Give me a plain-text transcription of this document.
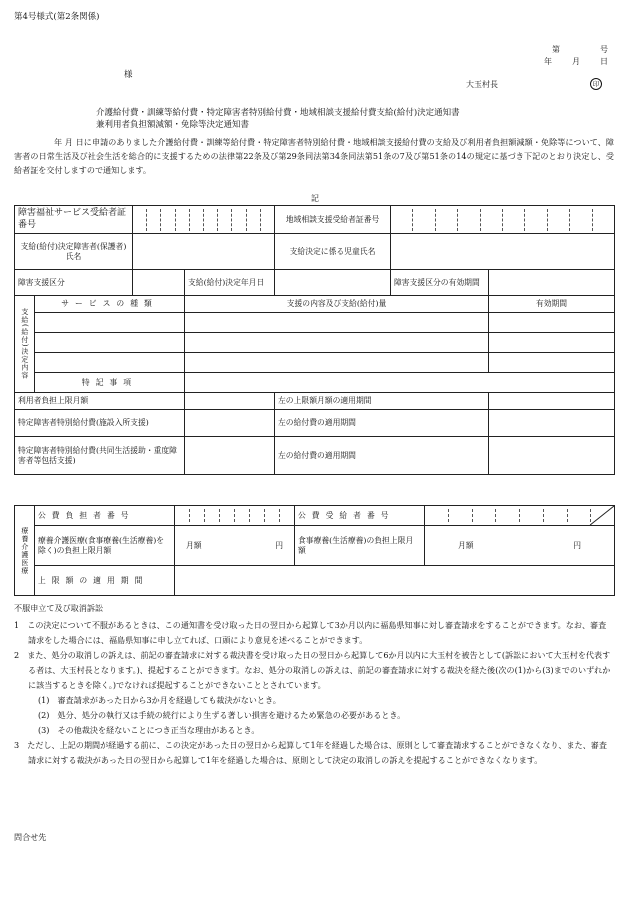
第4号様式(第2条関係)
第	号
年	月	日
様
大玉村長	印
介護給付費・訓練等給付費・特定障害者特別給付費・地域相談支援給付費支給(給付)決定通知書
兼利用者負担額減額・免除等決定通知書
年 月 日に申請のありました介護給付費・訓練等給付費・特定障害者特別給付費・地域相談支援給付費の支給及び利用者負担額減額・免除等について、障害者の日常生活及び社会生活を総合的に支援するための法律第22条及び第29条同法第34条同法第51条の7及び第51条の14の規定に基づき下記のとおり決定し、受給者証を交付しますので通知します。
記
障害福祉サービス受給者証番号				地域相談支援受給者証番号		

支給(給付)決定障害者(保護者)氏名				支給決定に係る児童氏名		
障害支援区分			支給(給付)決定年月日		障害支援区分の有効期間	
支給(給付)決定内容	サービスの種類		支援の内容及び支給(給付)量			有効期間

	特記事項					
利用者負担上限月額				左の上限額月額の適用期間		
特定障害者特別給付費(施設入所支援)				左の給付費の適用期間		
特定障害者特別給付費(共同生活援助・重度障害者等包括支援)				左の給付費の適用期間		
療養介護医療	公費負担者番号		公費受給者番号	

	療養介護医療(食事療養(生活療養)を除く)の負担上限月額	月額 円	食事療養(生活療養)の負担上限月額	月額 円

	上限額の適用期間			
不服申立て及び取消訴訟
1　この決定について不服があるときは、この通知書を受け取った日の翌日から起算して3か月以内に福島県知事に対し審査請求をすることができます。なお、審査請求をした場合には、福島県知事に申し立てれば、口頭により意見を述べることができます。
2　また、処分の取消しの訴えは、前記の審査請求に対する裁決書を受け取った日の翌日から起算して6か月以内に大玉村を被告として(訴訟において大玉村を代表する者は、大玉村長となります。)、提起することができます。なお、処分の取消しの訴えは、前記の審査請求に対する裁決を経た後(次の(1)から(3)までのいずれかに該当するときを除く。)でなければ提起することができないこととされています。
(1)　審査請求があった日から3か月を経過しても裁決がないとき。
(2)　処分、処分の執行又は手続の続行により生ずる著しい損害を避けるため緊急の必要があるとき。
(3)　その他裁決を経ないことにつき正当な理由があるとき。
3　ただし、上記の期間が経過する前に、この決定があった日の翌日から起算して1年を経過した場合は、原則として審査請求することができなくなり、また、審査請求に対する裁決があった日の翌日から起算して1年を経過した場合は、原則として決定の取消しの訴えを提起することができなくなります。
問合せ先
